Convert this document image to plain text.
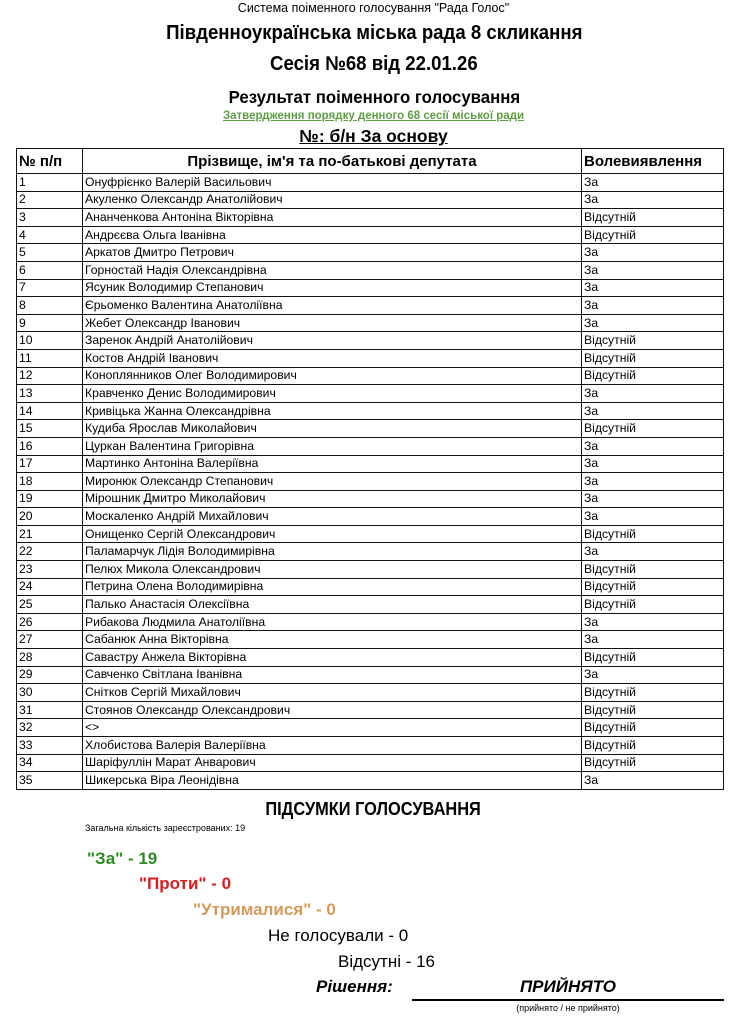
Система поіменного голосування "Рада Голос"
Південноукраїнська міська рада 8 скликання
Сесія №68 від 22.01.26
Результат поіменного голосування
Затвердження порядку денного 68 сесії міської ради
№: б/н За основу
№ п/п	Прізвище, ім'я та по-батькові депутата	Волевиявлення
1	Онуфрієнко Валерій Васильович	За
2	Акуленко Олександр Анатолійович	За
3	Ананченкова Антоніна Вікторівна	Відсутній
4	Андрєєва Ольга Іванівна	Відсутній
5	Аркатов Дмитро Петрович	За
6	Горностай Надія Олександрівна	За
7	Ясуник Володимир Степанович	За
8	Єрьоменко Валентина Анатоліївна	За
9	Жебет Олександр Іванович	За
10	Заренок Андрій Анатолійович	Відсутній
11	Костов Андрій Іванович	Відсутній
12	Коноплянников Олег Володимирович	Відсутній
13	Кравченко Денис Володимирович	За
14	Кривіцька Жанна Олександрівна	За
15	Кудиба Ярослав Миколайович	Відсутній
16	Цуркан Валентина Григорівна	За
17	Мартинко Антоніна Валеріївна	За
18	Миронюк Олександр Степанович	За
19	Мірошник Дмитро Миколайович	За
20	Москаленко Андрій Михайлович	За
21	Онищенко Сергій Олександрович	Відсутній
22	Паламарчук Лідія Володимирівна	За
23	Пелюх Микола Олександрович	Відсутній
24	Петрина Олена Володимирівна	Відсутній
25	Палько Анастасія Олексіївна	Відсутній
26	Рибакова Людмила Анатоліївна	За
27	Сабанюк Анна Вікторівна	За
28	Савастру Анжела Вікторівна	Відсутній
29	Савченко Світлана Іванівна	За
30	Снітков Сергій Михайлович	Відсутній
31	Стоянов Олександр Олександрович	Відсутній
32	<>	Відсутній
33	Хлобистова Валерія Валеріївна	Відсутній
34	Шаріфуллін Марат Анварович	Відсутній
35	Шикерська Віра Леонідівна	За
ПІДСУМКИ ГОЛОСУВАННЯ
Загальна кількість зареєстрованих: 19
"За" - 19
"Проти" - 0
"Утрималися" - 0
Не голосували - 0
Відсутні - 16
Рішення:	ПРИЙНЯТО
(прийнято / не прийнято)
